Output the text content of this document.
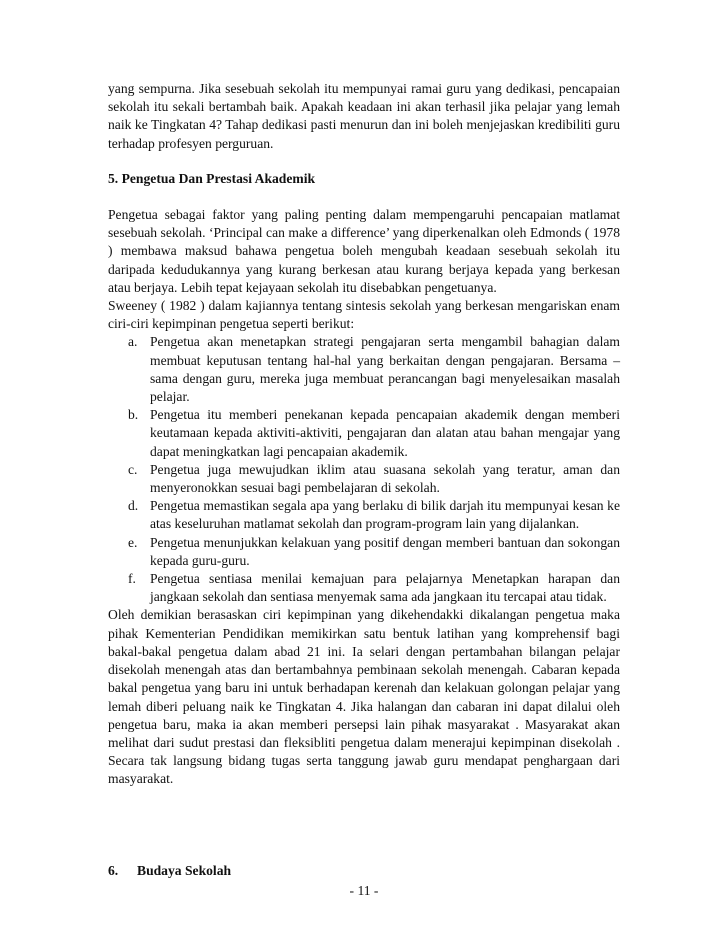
yang sempurna. Jika sesebuah sekolah itu mempunyai ramai guru yang dedikasi, pencapaian sekolah itu sekali bertambah baik. Apakah keadaan ini akan terhasil jika pelajar yang lemah naik ke Tingkatan 4? Tahap dedikasi pasti menurun dan ini boleh menjejaskan kredibiliti guru terhadap profesyen perguruan.

5. Pengetua Dan Prestasi Akademik

Pengetua sebagai faktor yang paling penting dalam mempengaruhi pencapaian matlamat sesebuah sekolah. ‘Principal can make a difference’ yang diperkenalkan oleh Edmonds ( 1978 ) membawa maksud bahawa pengetua boleh mengubah keadaan sesebuah sekolah itu daripada kedudukannya yang kurang berkesan atau kurang berjaya kepada yang berkesan atau berjaya. Lebih tepat kejayaan sekolah itu disebabkan pengetuanya.

Sweeney ( 1982 ) dalam kajiannya tentang sintesis sekolah yang berkesan mengariskan enam ciri-ciri kepimpinan pengetua seperti berikut:

a. Pengetua akan menetapkan strategi pengajaran serta mengambil bahagian dalam membuat keputusan tentang hal-hal yang berkaitan dengan pengajaran. Bersama – sama dengan guru, mereka juga membuat perancangan bagi menyelesaikan masalah pelajar.

b. Pengetua itu memberi penekanan kepada pencapaian akademik dengan memberi keutamaan kepada aktiviti-aktiviti, pengajaran dan alatan atau bahan mengajar yang dapat meningkatkan lagi pencapaian akademik.

c. Pengetua juga mewujudkan iklim atau suasana sekolah yang teratur, aman dan menyeronokkan sesuai bagi pembelajaran di sekolah.

d. Pengetua memastikan segala apa yang berlaku di bilik darjah itu mempunyai kesan ke atas keseluruhan matlamat sekolah dan program-program lain yang dijalankan.

e. Pengetua menunjukkan kelakuan yang positif dengan memberi bantuan dan sokongan kepada guru-guru.

f. Pengetua sentiasa menilai kemajuan para pelajarnya Menetapkan harapan dan jangkaan sekolah dan sentiasa menyemak sama ada jangkaan itu tercapai atau tidak.

Oleh demikian berasaskan ciri kepimpinan yang dikehendakki dikalangan pengetua maka pihak Kementerian Pendidikan memikirkan satu bentuk latihan yang komprehensif bagi bakal-bakal pengetua dalam abad 21 ini. Ia selari dengan pertambahan bilangan pelajar disekolah menengah atas dan bertambahnya pembinaan sekolah menengah. Cabaran kepada bakal pengetua yang baru ini untuk berhadapan kerenah dan kelakuan golongan pelajar yang lemah diberi peluang naik ke Tingkatan 4. Jika halangan dan cabaran ini dapat dilalui oleh pengetua baru, maka ia akan memberi persepsi lain pihak masyarakat . Masyarakat akan melihat dari sudut prestasi dan fleksibliti pengetua dalam menerajui kepimpinan disekolah . Secara tak langsung bidang tugas serta tanggung jawab guru mendapat penghargaan dari masyarakat.

6. Budaya Sekolah
- 11 -
